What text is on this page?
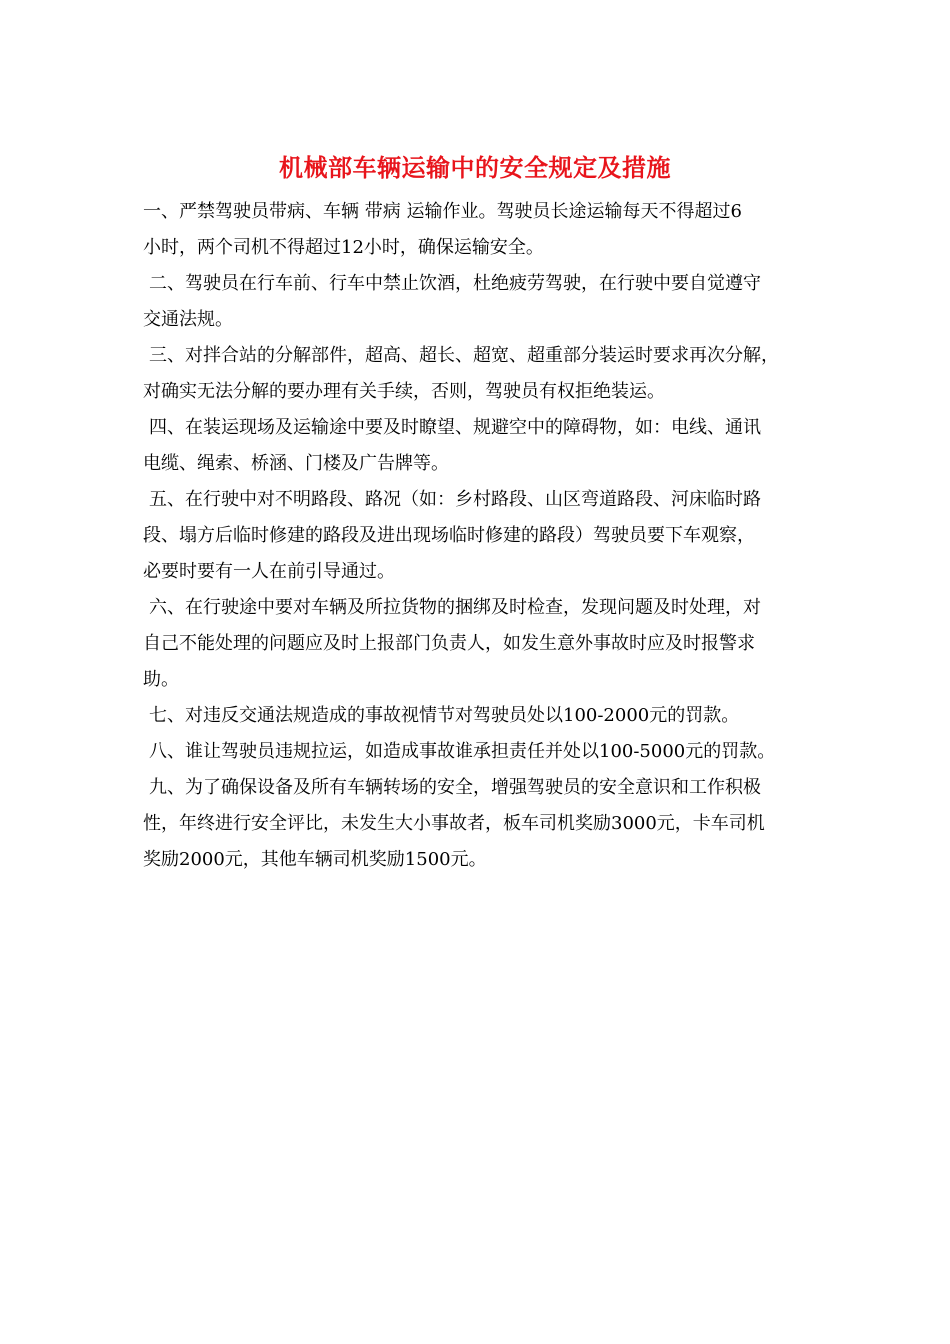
机械部车辆运输中的安全规定及措施
一、严禁驾驶员带病、车辆 带病 运输作业。驾驶员长途运输每天不得超过6
小时，两个司机不得超过12小时，确保运输安全。
二、驾驶员在行车前、行车中禁止饮酒，杜绝疲劳驾驶，在行驶中要自觉遵守
交通法规。
三、对拌合站的分解部件，超高、超长、超宽、超重部分装运时要求再次分解，
对确实无法分解的要办理有关手续，否则，驾驶员有权拒绝装运。
四、在装运现场及运输途中要及时瞭望、规避空中的障碍物，如：电线、通讯
电缆、绳索、桥涵、门楼及广告牌等。
五、在行驶中对不明路段、路况（如：乡村路段、山区弯道路段、河床临时路
段、塌方后临时修建的路段及进出现场临时修建的路段）驾驶员要下车观察，
必要时要有一人在前引导通过。
六、在行驶途中要对车辆及所拉货物的捆绑及时检查，发现问题及时处理，对
自己不能处理的问题应及时上报部门负责人，如发生意外事故时应及时报警求
助。
七、对违反交通法规造成的事故视情节对驾驶员处以100-2000元的罚款。
八、谁让驾驶员违规拉运，如造成事故谁承担责任并处以100-5000元的罚款。
九、为了确保设备及所有车辆转场的安全，增强驾驶员的安全意识和工作积极
性，年终进行安全评比，未发生大小事故者，板车司机奖励3000元，卡车司机
奖励2000元，其他车辆司机奖励1500元。
